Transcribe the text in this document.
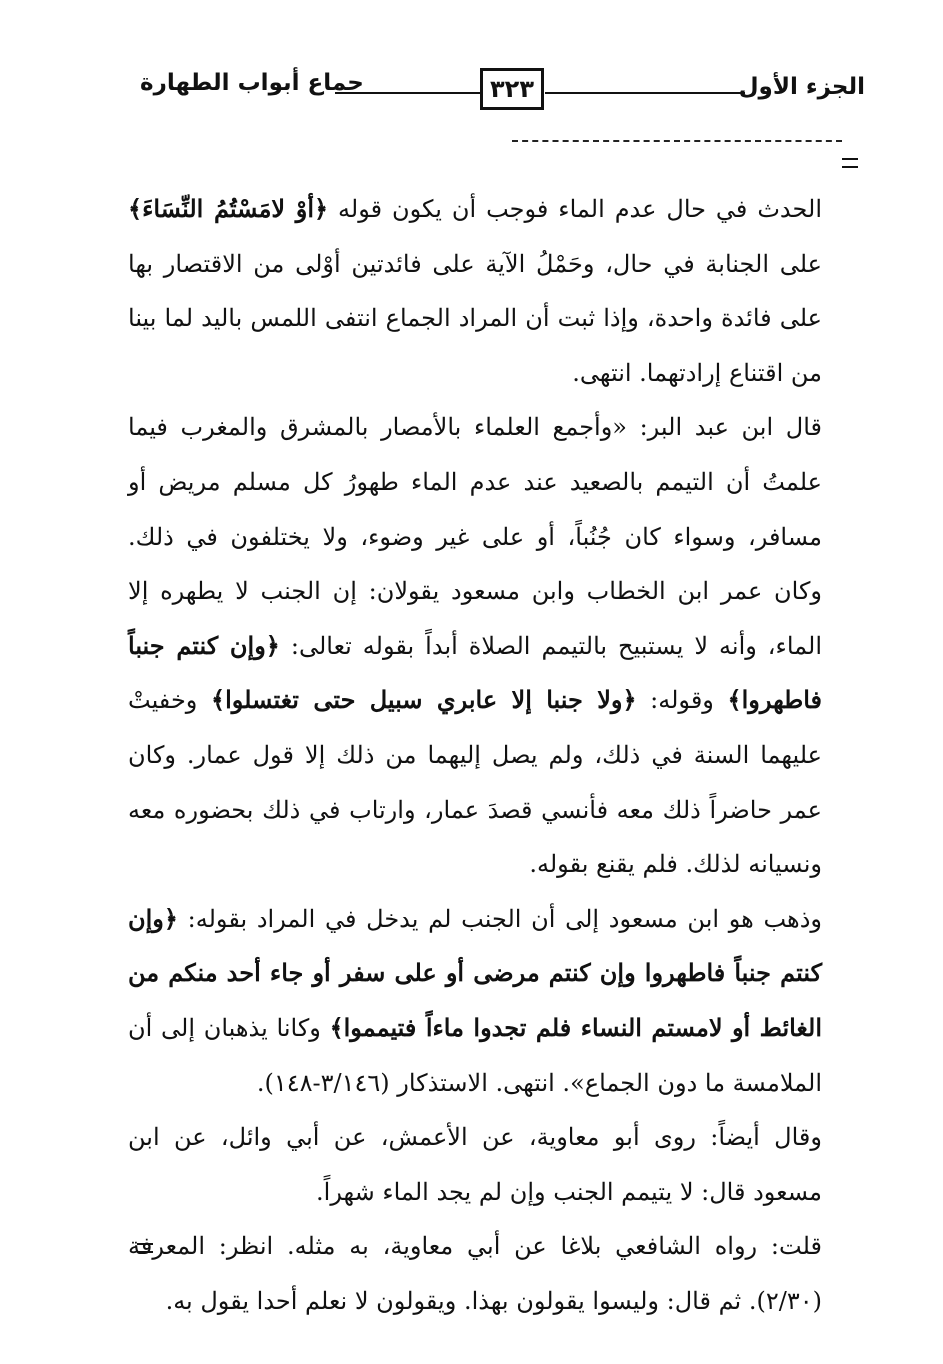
جماع أبواب الطهارة	٣٢٣	الجزء الأول

الحدث في حال عدم الماء فوجب أن يكون قوله ﴿أوْ لامَسْتُمُ النِّسَاءَ﴾ على الجنابة في حال، وحَمْلُ الآية على فائدتين أوْلى من الاقتصار بها على فائدة واحدة، وإذا ثبت أن المراد الجماع انتفى اللمس باليد لما بينا من اقتناع إرادتهما. انتهى.

قال ابن عبد البر: «وأجمع العلماء بالأمصار بالمشرق والمغرب فيما علمتُ أن التيمم بالصعيد عند عدم الماء طهورُ كل مسلم مريض أو مسافر، وسواء كان جُنُباً، أو على غير وضوء، ولا يختلفون في ذلك. وكان عمر ابن الخطاب وابن مسعود يقولان: إن الجنب لا يطهره إلا الماء، وأنه لا يستبيح بالتيمم الصلاة أبداً بقوله تعالى: ﴿وإن كنتم جنباً فاطهروا﴾ وقوله: ﴿ولا جنبا إلا عابري سبيل حتى تغتسلوا﴾ وخفيتْ عليهما السنة في ذلك، ولم يصل إليهما من ذلك إلا قول عمار. وكان عمر حاضراً ذلك معه فأنسي قصدَ عمار، وارتاب في ذلك بحضوره معه ونسيانه لذلك. فلم يقنع بقوله.

وذهب هو ابن مسعود إلى أن الجنب لم يدخل في المراد بقوله: ﴿وإن كنتم جنباً فاطهروا وإن كنتم مرضى أو على سفر أو جاء أحد منكم من الغائط أو لامستم النساء فلم تجدوا ماءاً فتيمموا﴾ وكانا يذهبان إلى أن الملامسة ما دون الجماع». انتهى. الاستذكار (٣/١٤٦-١٤٨).

وقال أيضاً: روى أبو معاوية، عن الأعمش، عن أبي وائل، عن ابن مسعود قال: لا يتيمم الجنب وإن لم يجد الماء شهراً.

قلت: رواه الشافعي بلاغا عن أبي معاوية، به مثله. انظر: المعرفة (٢/٣٠). ثم قال: وليسوا يقولون بهذا. ويقولون لا نعلم أحدا يقول به.
